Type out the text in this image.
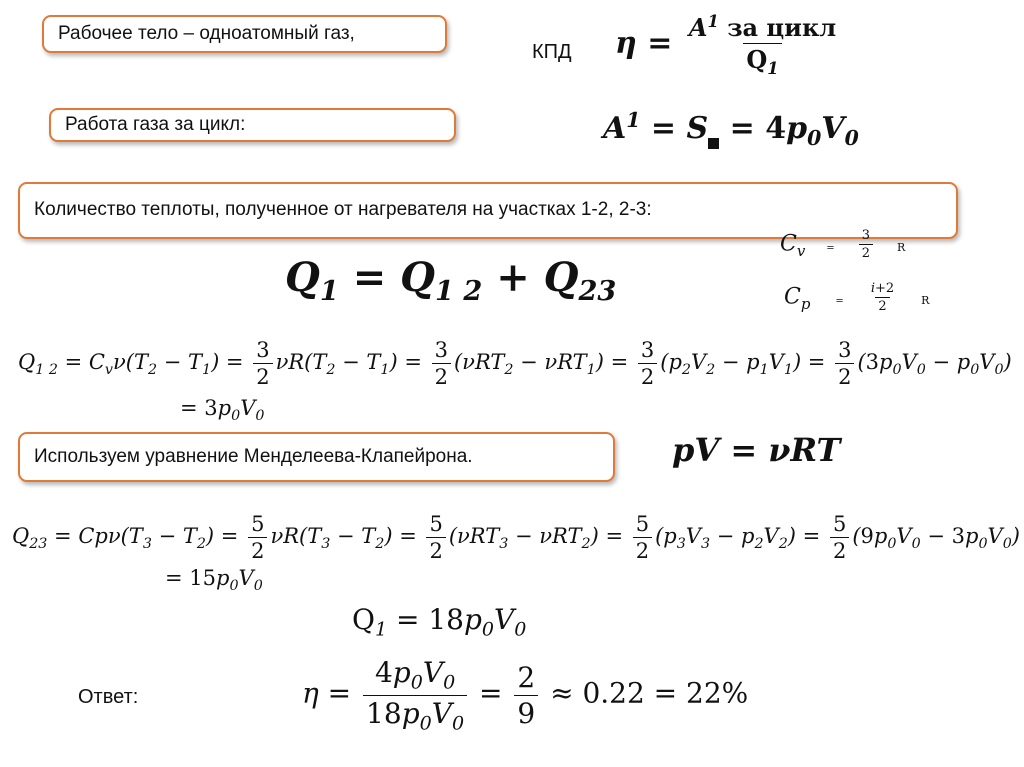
Рабочее тело – одноатомный газ,
Работа газа за цикл:
Количество теплоты, полученное от нагревателя на участках 1-2, 2-3:
Используем уравнение Менделеева-Клапейрона.
КПД
Ответ:
$\eta = \frac{A^1 за цикл}{Q_1}$
$A^1 = S = 4p_0V_0$
$C_v = \frac{3}{2}$ R
$C_p$	= $\frac{i+2}{2}$ R
$Q_1 = Q_{1 2} + Q_{23}$
$Q_{1 2} = C_v\nu(T_2 - T_1) = \frac{3}{2} \nu R(T_2 - T_1) = \frac{3}{2} (\nu RT_2 - \nu RT_1) = \frac{3}{2} (p_2V_2 - p_1V_1) = \frac{3}{2} (3p_0V_0 - p_0V_0)$
= $3p_0V_0$
pV = νRT
$Q_{23} = Cp\nu(T_3 - T_2) = \frac{5}{2} \nu R(T_3 - T_2) = \frac{5}{2} (\nu RT_3 - \nu RT_2) = \frac{5}{2} (p_3V_3 - p_2V_2) = \frac{5}{2} (9p_0V_0 - 3p_0V_0)$
= $15p_0V_0$
$Q_1 = 18p_0V_0$
$\eta = \frac{4p_0V_0}{18p_0V_0} = \frac{2}{9} \approx 0.22 = 22\%$
